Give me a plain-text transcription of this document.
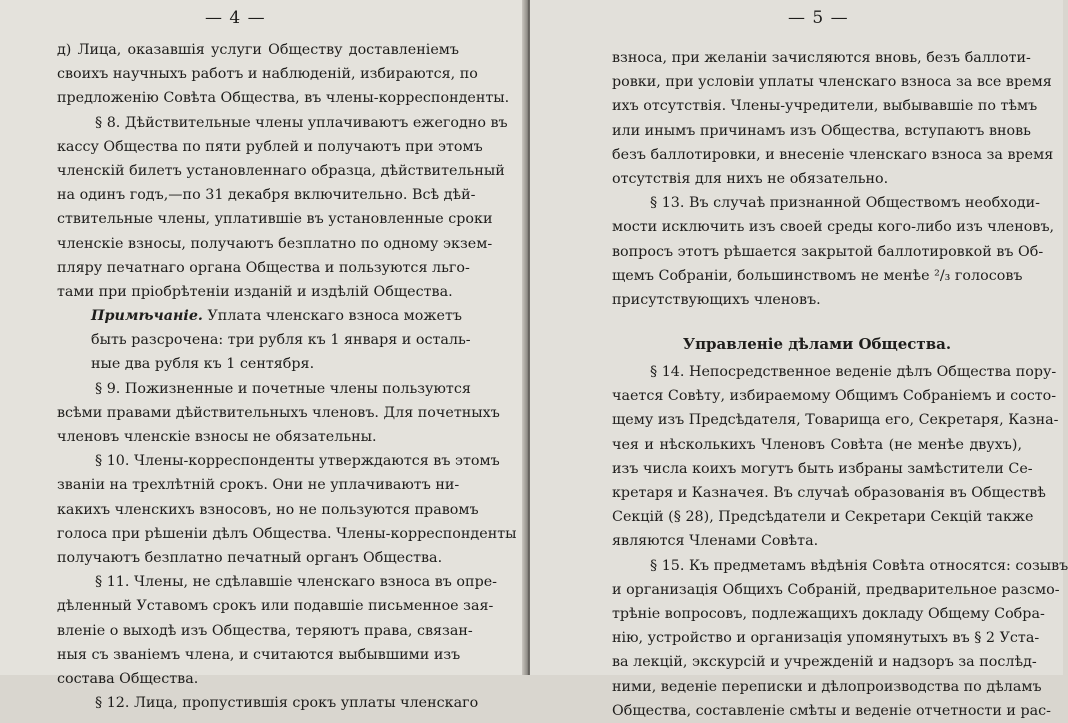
— 4 —
д) Лица, оказавшія услуги Обществу доставленіемъ
своихъ научныхъ работъ и наблюденій, избираются, по
предложенію Совѣта Общества, въ члены-корреспонденты.
§ 8. Дѣйствительные члены уплачиваютъ ежегодно въ
кассу Общества по пяти рублей и получаютъ при этомъ
членскій билетъ установленнаго образца, дѣйствительный
на одинъ годъ,—по 31 декабря включительно. Всѣ дѣй-
ствительные члены, уплатившіе въ установленные сроки
членскіе взносы, получаютъ безплатно по одному экзем-
пляру печатнаго органа Общества и пользуются льго-
тами при пріобрѣтеніи изданій и издѣлій Общества.
Примѣчаніе. Уплата членскаго взноса можетъ
быть разсрочена: три рубля къ 1 января и осталь-
ные два рубля къ 1 сентября.
§ 9. Пожизненные и почетные члены пользуются
всѣми правами дѣйствительныхъ членовъ. Для почетныхъ
членовъ членскіе взносы не обязательны.
§ 10. Члены-корреспонденты утверждаются въ этомъ
званіи на трехлѣтній срокъ. Они не уплачиваютъ ни-
какихъ членскихъ взносовъ, но не пользуются правомъ
голоса при рѣшеніи дѣлъ Общества. Члены-корреспонденты
получаютъ безплатно печатный органъ Общества.
§ 11. Члены, не сдѣлавшіе членскаго взноса въ опре-
дѣленный Уставомъ срокъ или подавшіе письменное зая-
вленіе о выходѣ изъ Общества, теряютъ права, связан-
ныя съ званіемъ члена, и считаются выбывшими изъ
состава Общества.
§ 12. Лица, пропустившія срокъ уплаты членскаго
— 5 —
взноса, при желаніи зачисляются вновь, безъ баллоти-
ровки, при условіи уплаты членскаго взноса за все время
ихъ отсутствія. Члены-учредители, выбывавшіе по тѣмъ
или инымъ причинамъ изъ Общества, вступаютъ вновь
безъ баллотировки, и внесеніе членскаго взноса за время
отсутствія для нихъ не обязательно.
§ 13. Въ случаѣ признанной Обществомъ необходи-
мости исключить изъ своей среды кого-либо изъ членовъ,
вопросъ этотъ рѣшается закрытой баллотировкой въ Об-
щемъ Собраніи, большинствомъ не менѣе ²/₃ голосовъ
присутствующихъ членовъ.
Управленіе дѣлами Общества.
§ 14. Непосредственное веденіе дѣлъ Общества пору-
чается Совѣту, избираемому Общимъ Собраніемъ и состо-
щему изъ Предсѣдателя, Товарища его, Секретаря, Казна-
чея и нѣсколькихъ Членовъ Совѣта (не менѣе двухъ),
изъ числа коихъ могутъ быть избраны замѣстители Се-
кретаря и Казначея. Въ случаѣ образованія въ Обществѣ
Секцій (§ 28), Предсѣдатели и Секретари Секцій также
являются Членами Совѣта.
§ 15. Къ предметамъ вѣдѣнія Совѣта относятся: созывъ
и организація Общихъ Собраній, предварительное разсмо-
трѣніе вопросовъ, подлежащихъ докладу Общему Собра-
нію, устройство и организація упомянутыхъ въ § 2 Уста-
ва лекцій, экскурсій и учрежденій и надзоръ за послѣд-
ними, веденіе переписки и дѣлопроизводства по дѣламъ
Общества, составленіе смѣты и веденіе отчетности и рас-
